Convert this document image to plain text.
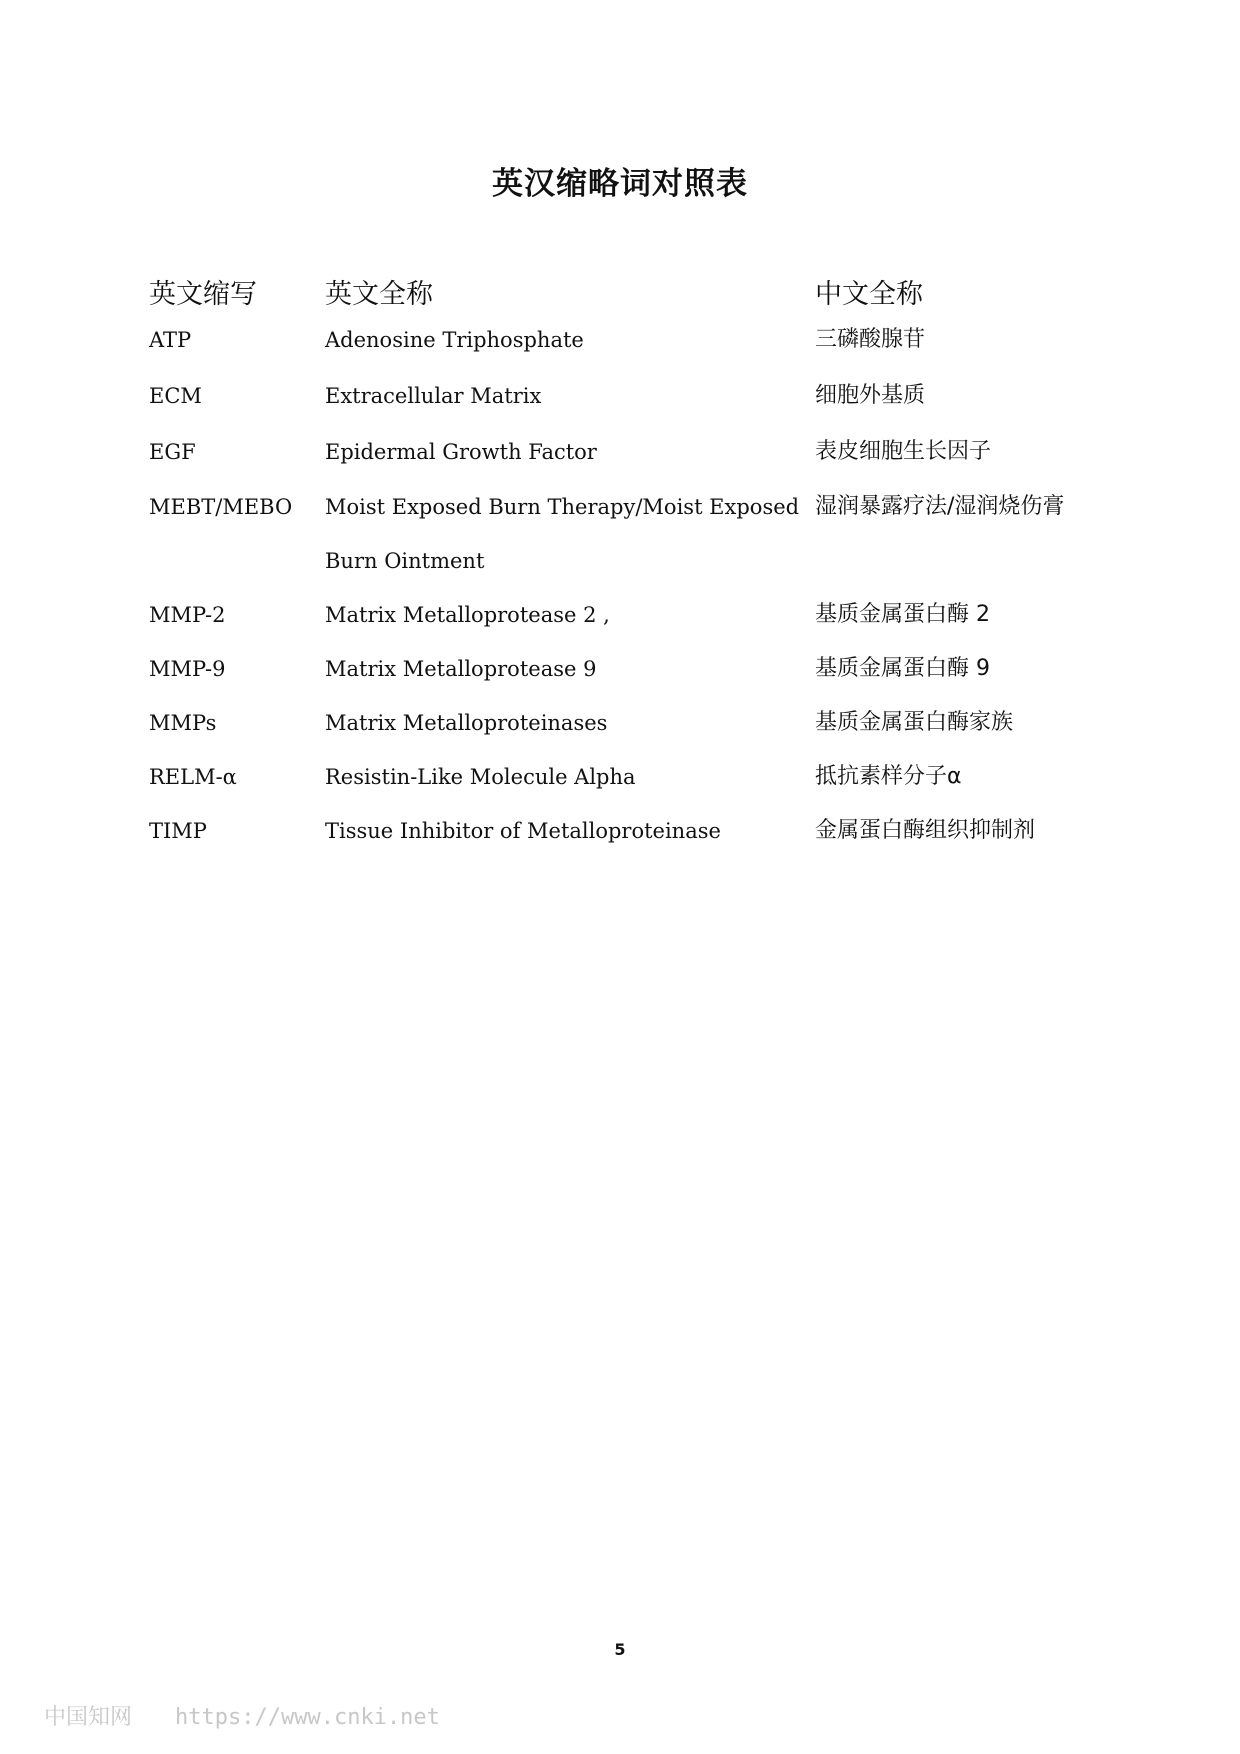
英汉缩略词对照表
英文缩写	英文全称	中文全称
ATP	Adenosine Triphosphate	三磷酸腺苷
ECM	Extracellular Matrix	细胞外基质
EGF	Epidermal Growth Factor	表皮细胞生长因子
MEBT/MEBO Moist Exposed Burn Therapy/Moist Exposed 湿润暴露疗法/湿润烧伤膏
Burn Ointment
MMP-2	Matrix Metalloprotease 2 ,	基质金属蛋白酶 2
MMP-9	Matrix Metalloprotease 9	基质金属蛋白酶 9
MMPs	Matrix Metalloproteinases	基质金属蛋白酶家族
RELM-α	Resistin-Like Molecule Alpha	抵抗素样分子α
TIMP	Tissue Inhibitor of Metalloproteinase	金属蛋白酶组织抑制剂
5
中国知网 https://www.cnki.net
